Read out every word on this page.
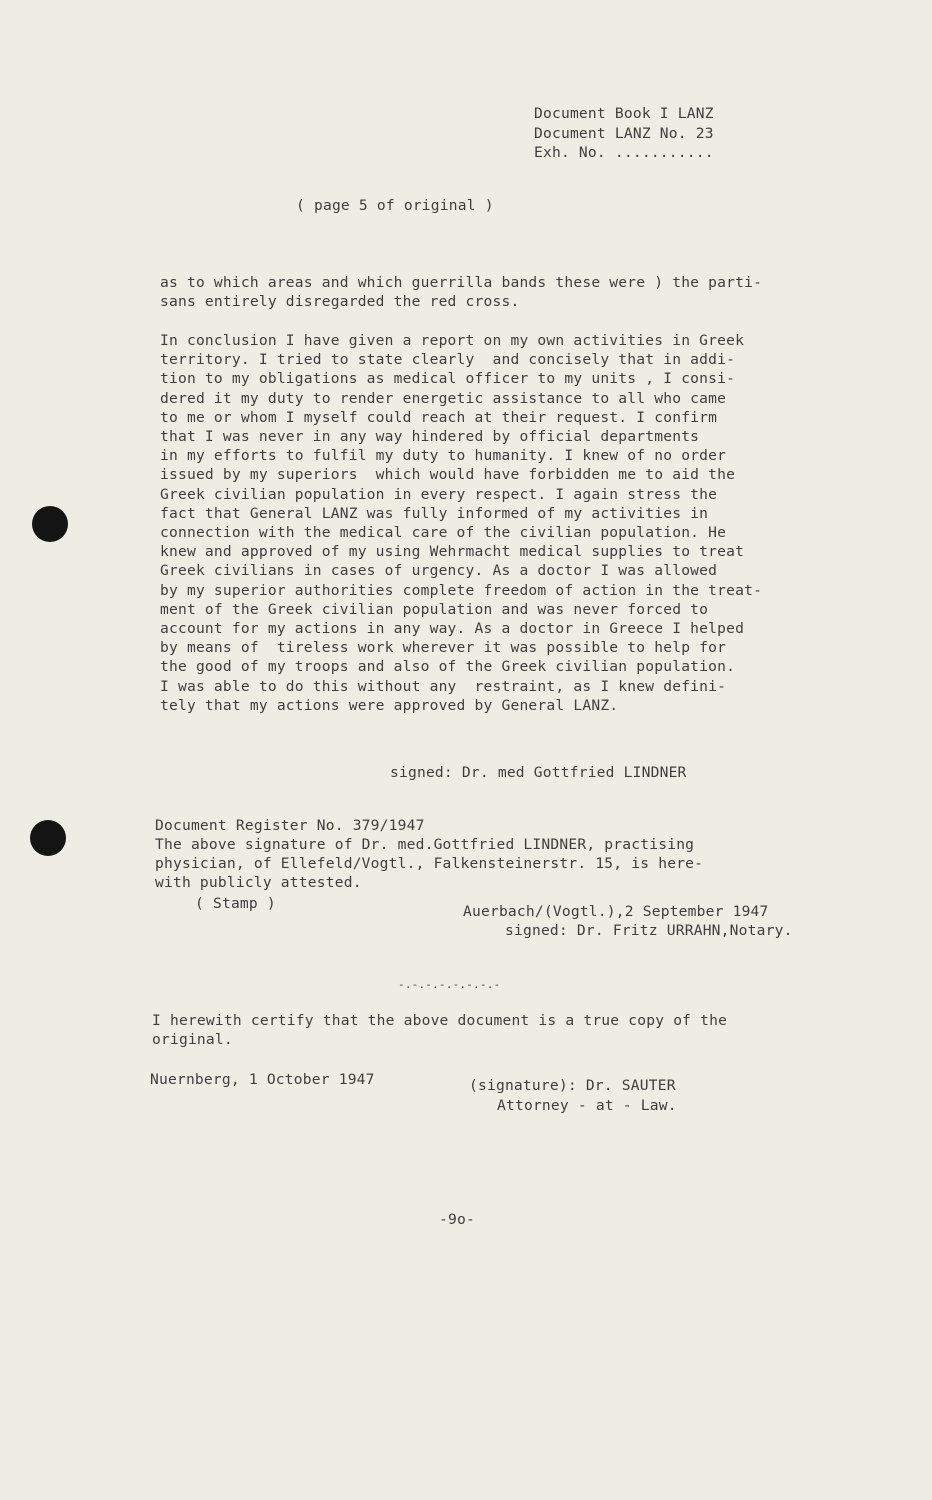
Document Book I LANZ
Document LANZ No. 23
Exh. No. ...........
( page 5 of original )
as to which areas and which guerrilla bands these were ) the parti-
sans entirely disregarded the red cross.
In conclusion I have given a report on my own activities in Greek
territory. I tried to state clearly  and concisely that in addi-
tion to my obligations as medical officer to my units , I consi-
dered it my duty to render energetic assistance to all who came
to me or whom I myself could reach at their request. I confirm
that I was never in any way hindered by official departments
in my efforts to fulfil my duty to humanity. I knew of no order
issued by my superiors  which would have forbidden me to aid the
Greek civilian population in every respect. I again stress the
fact that General LANZ was fully informed of my activities in
connection with the medical care of the civilian population. He
knew and approved of my using Wehrmacht medical supplies to treat
Greek civilians in cases of urgency. As a doctor I was allowed
by my superior authorities complete freedom of action in the treat-
ment of the Greek civilian population and was never forced to
account for my actions in any way. As a doctor in Greece I helped
by means of  tireless work wherever it was possible to help for
the good of my troops and also of the Greek civilian population.
I was able to do this without any  restraint, as I knew defini-
tely that my actions were approved by General LANZ.
signed: Dr. med Gottfried LINDNER
Document Register No. 379/1947
The above signature of Dr. med.Gottfried LINDNER, practising
physician, of Ellefeld/Vogtl., Falkensteinerstr. 15, is here-
with publicly attested.
( Stamp )	Auerbach/(Vogtl.),2 September 1947
signed: Dr. Fritz URRAHN,Notary.
-.-.-.-.-.-.-.-
I herewith certify that the above document is a true copy of the
original.
Nuernberg, 1 October 1947	(signature): Dr. SAUTER
Attorney - at - Law.
-9o-
